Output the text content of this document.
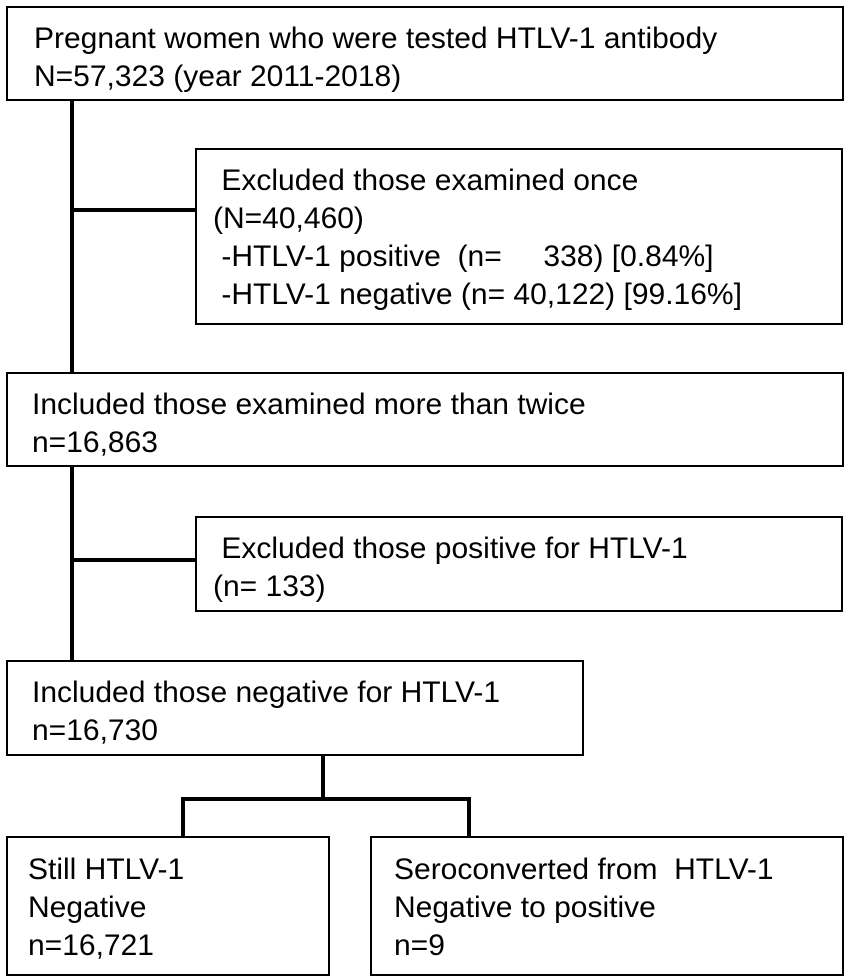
Pregnant women who were tested HTLV-1 antibody
N=57,323 (year 2011-2018)
Excluded those examined once
(N=40,460)
-HTLV-1 positive  (n=     338) [0.84%]
-HTLV-1 negative (n= 40,122) [99.16%]
Included those examined more than twice
n=16,863
Excluded those positive for HTLV-1
(n= 133)
Included those negative for HTLV-1
n=16,730
Still HTLV-1
Negative
n=16,721
Seroconverted from  HTLV-1
Negative to positive
n=9
